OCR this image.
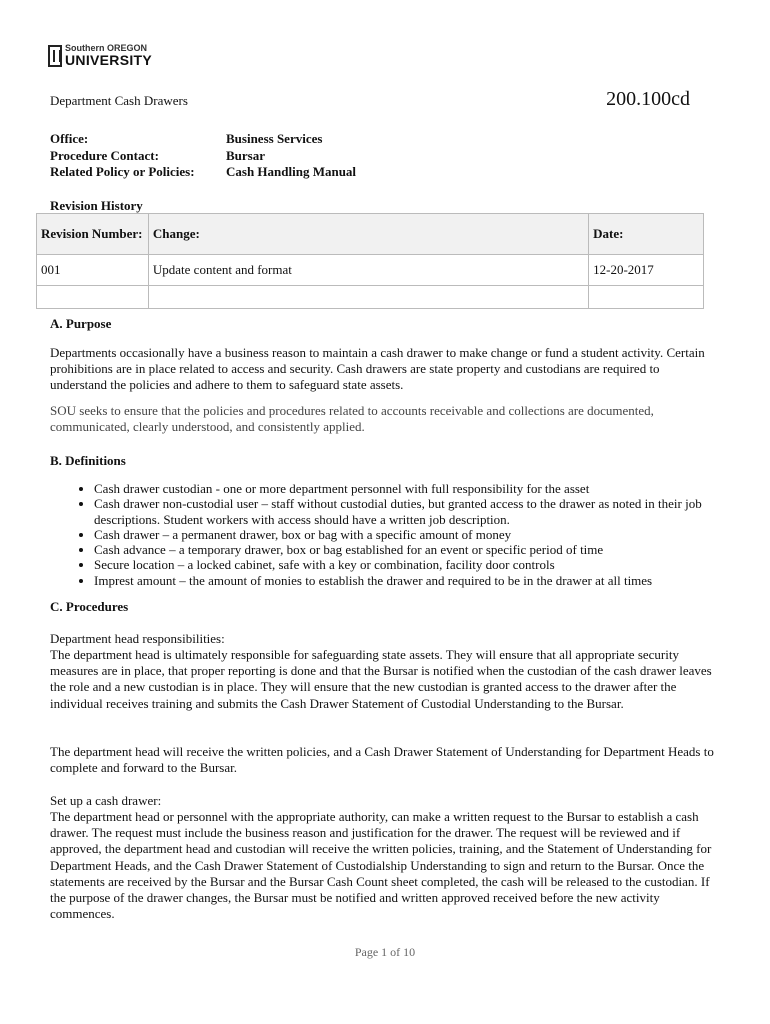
Southern OREGON
UNIVERSITY
Department Cash Drawers	200.100cd
Office:	Business Services
Procedure Contact:	Bursar
Related Policy or Policies:	Cash Handling Manual
Revision History
Revision Number:	Change:	Date:
001	Update content and format	12-20-2017

A. Purpose
Departments occasionally have a business reason to maintain a cash drawer to make change or fund a student activity. Certain prohibitions are in place related to access and security. Cash drawers are state property and custodians are required to understand the policies and adhere to them to safeguard state assets.
SOU seeks to ensure that the policies and procedures related to accounts receivable and collections are documented, communicated, clearly understood, and consistently applied.
B. Definitions
• Cash drawer custodian - one or more department personnel with full responsibility for the asset
• Cash drawer non-custodial user – staff without custodial duties, but granted access to the drawer as noted in their job descriptions. Student workers with access should have a written job description.
• Cash drawer – a permanent drawer, box or bag with a specific amount of money
• Cash advance – a temporary drawer, box or bag established for an event or specific period of time
• Secure location – a locked cabinet, safe with a key or combination, facility door controls
• Imprest amount – the amount of monies to establish the drawer and required to be in the drawer at all times
C. Procedures
Department head responsibilities:
The department head is ultimately responsible for safeguarding state assets. They will ensure that all appropriate security measures are in place, that proper reporting is done and that the Bursar is notified when the custodian of the cash drawer leaves the role and a new custodian is in place. They will ensure that the new custodian is granted access to the drawer after the individual receives training and submits the Cash Drawer Statement of Custodial Understanding to the Bursar.
The department head will receive the written policies, and a Cash Drawer Statement of Understanding for Department Heads to complete and forward to the Bursar.
Set up a cash drawer:
The department head or personnel with the appropriate authority, can make a written request to the Bursar to establish a cash drawer. The request must include the business reason and justification for the drawer. The request will be reviewed and if approved, the department head and custodian will receive the written policies, training, and the Statement of Understanding for Department Heads, and the Cash Drawer Statement of Custodialship Understanding to sign and return to the Bursar. Once the statements are received by the Bursar and the Bursar Cash Count sheet completed, the cash will be released to the custodian. If the purpose of the drawer changes, the Bursar must be notified and written approved received before the new activity commences.
Page 1 of 10
